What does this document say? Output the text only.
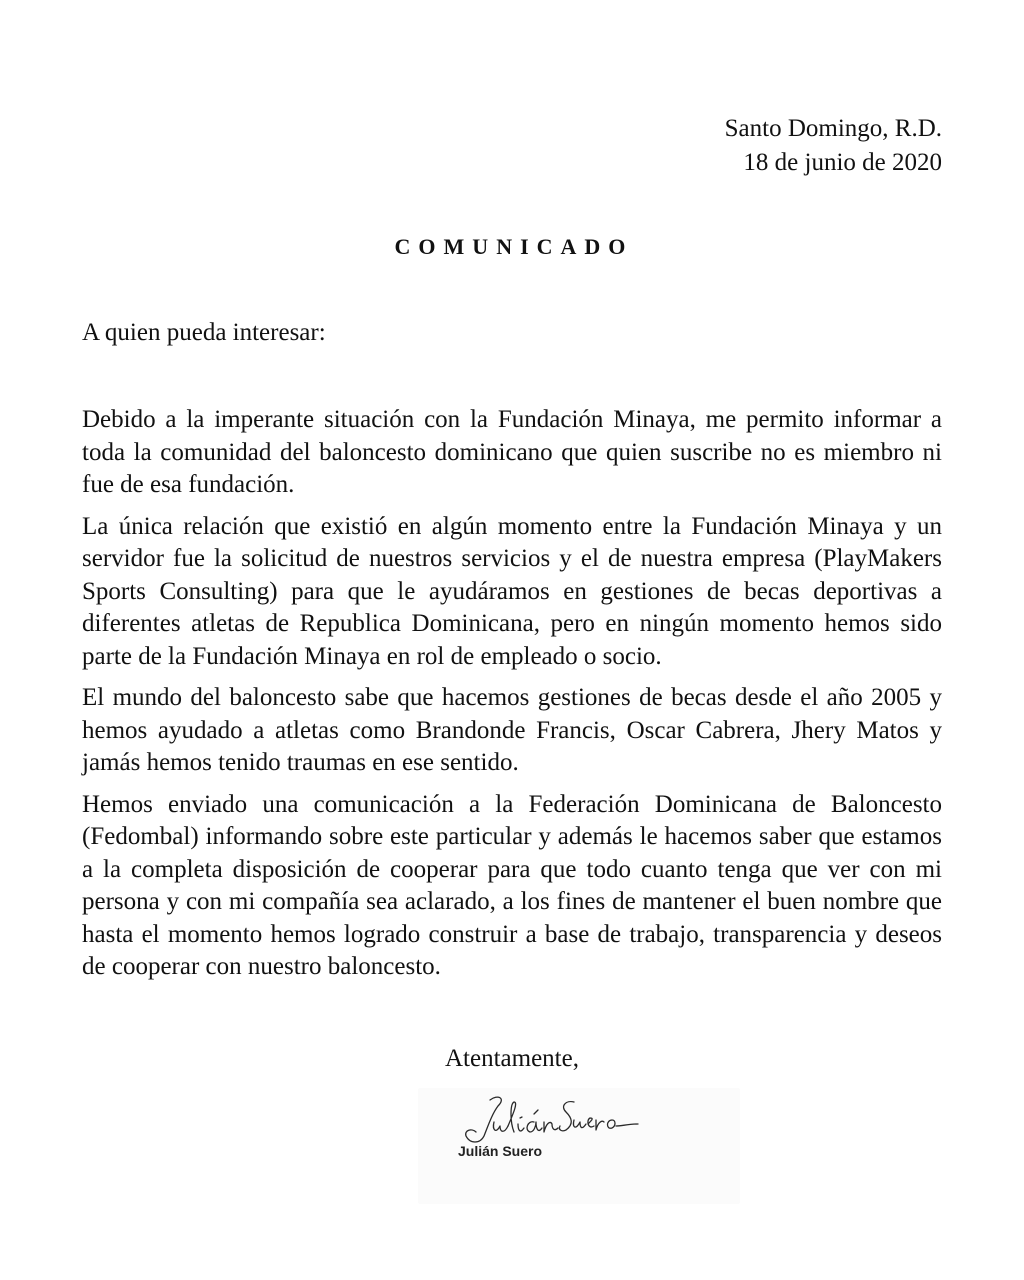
Santo Domingo, R.D.
18 de junio de 2020
COMUNICADO
A quien pueda interesar:

Debido a la imperante situación con la Fundación Minaya, me permito informar a toda la comunidad del baloncesto dominicano que quien suscribe no es miembro ni fue de esa fundación.

La única relación que existió en algún momento entre la Fundación Minaya y un servidor fue la solicitud de nuestros servicios y el de nuestra empresa (PlayMakers Sports Consulting) para que le ayudáramos en gestiones de becas deportivas a diferentes atletas de Republica Dominicana, pero en ningún momento hemos sido parte de la Fundación Minaya en rol de empleado o socio.

El mundo del baloncesto sabe que hacemos gestiones de becas desde el año 2005 y hemos ayudado a atletas como Brandonde Francis, Oscar Cabrera, Jhery Matos y jamás hemos tenido traumas en ese sentido.

Hemos enviado una comunicación a la Federación Dominicana de Baloncesto (Fedombal) informando sobre este particular y además le hacemos saber que estamos a la completa disposición de cooperar para que todo cuanto tenga que ver con mi persona y con mi compañía sea aclarado, a los fines de mantener el buen nombre que hasta el momento hemos logrado construir a base de trabajo, transparencia y deseos de cooperar con nuestro baloncesto.

Atentamente,
Julián Suero
